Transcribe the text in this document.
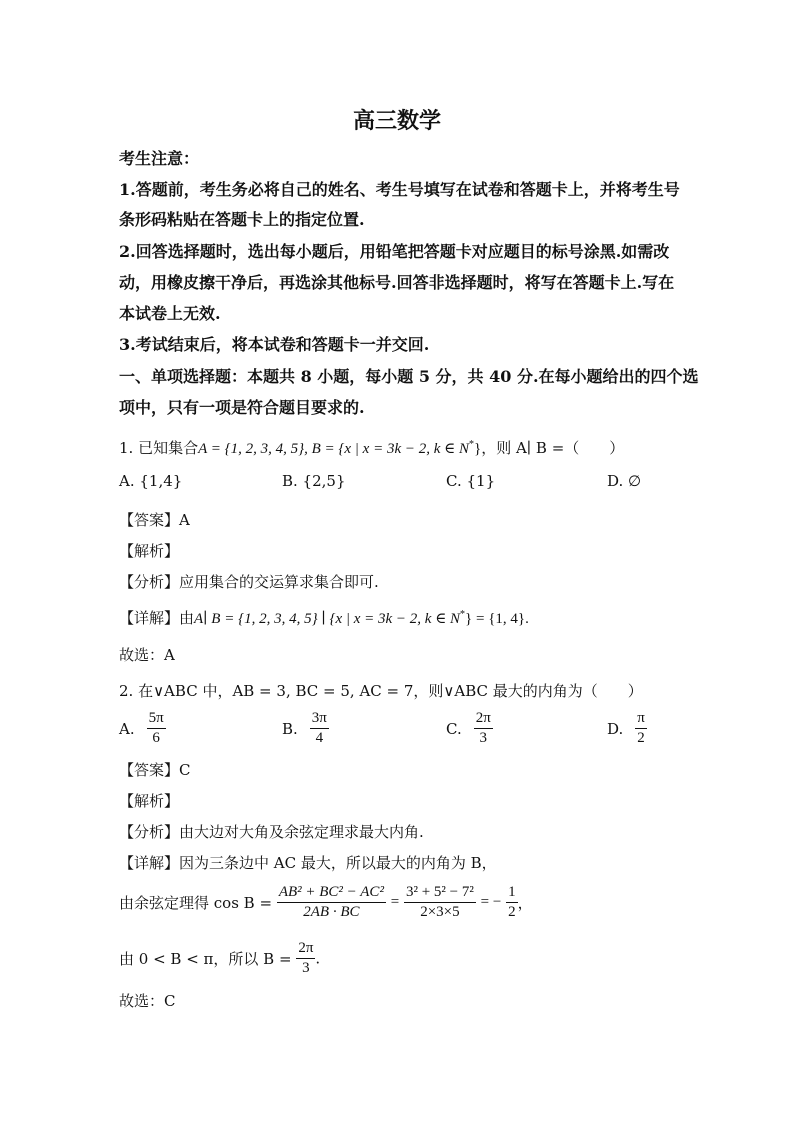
高三数学
考生注意：
1.答题前，考生务必将自己的姓名、考生号填写在试卷和答题卡上，并将考生号
条形码粘贴在答题卡上的指定位置.
2.回答选择题时，选出每小题后，用铅笔把答题卡对应题目的标号涂黑.如需改
动，用橡皮擦干净后，再选涂其他标号.回答非选择题时，将写在答题卡上.写在
本试卷上无效.
3.考试结束后，将本试卷和答题卡一并交回.
一、单项选择题：本题共 8 小题，每小题 5 分，共 40 分.在每小题给出的四个选
项中，只有一项是符合题目要求的.
1. 已知集合A = {1, 2, 3, 4, 5}, B = {x | x = 3k − 2, k ∈ N*}，则 A∣ B =（　　）
A. {1,4}	B. {2,5}	C. {1}	D. ∅
【答案】A
【解析】
【分析】应用集合的交运算求集合即可.
【详解】由A∣ B = {1, 2, 3, 4, 5} ∣ {x | x = 3k − 2, k ∈ N*} = {1, 4}.
故选：A
2. 在∨ABC 中，AB = 3, BC = 5, AC = 7，则∨ABC 最大的内角为（　　）
A. $\frac{5\pi}{6}$	B. $\frac{3\pi}{4}$	C. $\frac{2\pi}{3}$	D. $\frac{\pi}{2}$
【答案】C
【解析】
【分析】由大边对大角及余弦定理求最大内角.
【详解】因为三条边中 AC 最大，所以最大的内角为 B，
由余弦定理得 $\cos B = \frac{\text{AB² + BC² − AC²}}{2AB \cdot BC} = \frac{\text{3² + 5² − 7²}}{2\times 3\times 5}$ = − $\frac{1}{2}$ ，
由 0 < B < π，所以 $B = \frac{2\pi}{3}$ .
故选：C
